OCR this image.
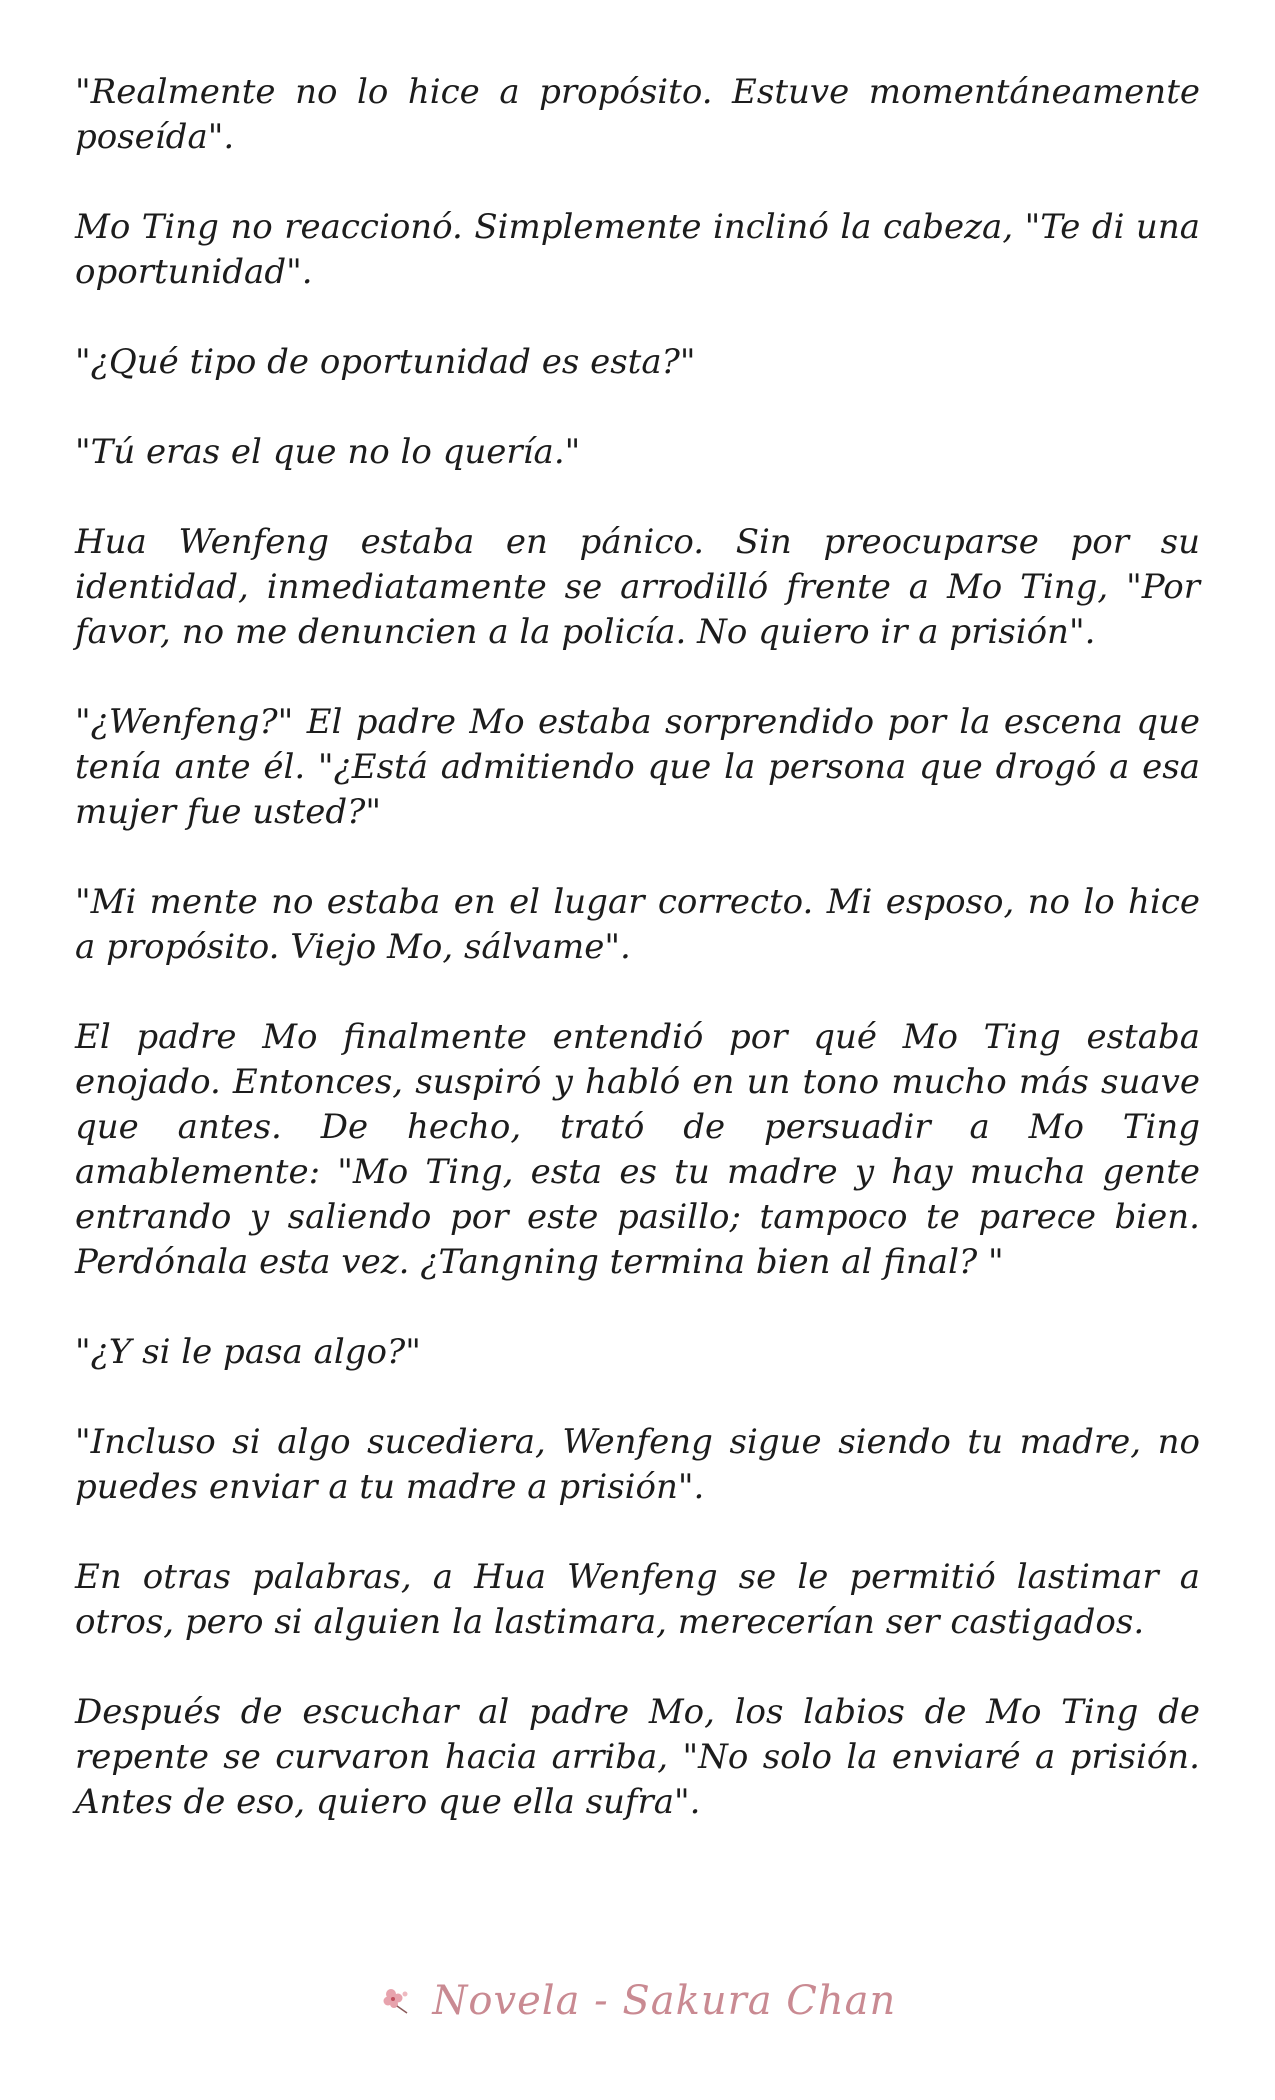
"Realmente no lo hice a propósito. Estuve momentáneamente poseída".

Mo Ting no reaccionó. Simplemente inclinó la cabeza, "Te di una oportunidad".

"¿Qué tipo de oportunidad es esta?"

"Tú eras el que no lo quería."

Hua Wenfeng estaba en pánico. Sin preocuparse por su identidad, inmediatamente se arrodilló frente a Mo Ting, "Por favor, no me denuncien a la policía. No quiero ir a prisión".

"¿Wenfeng?" El padre Mo estaba sorprendido por la escena que tenía ante él. "¿Está admitiendo que la persona que drogó a esa mujer fue usted?"

"Mi mente no estaba en el lugar correcto. Mi esposo, no lo hice a propósito. Viejo Mo, sálvame".

El padre Mo finalmente entendió por qué Mo Ting estaba enojado. Entonces, suspiró y habló en un tono mucho más suave que antes. De hecho, trató de persuadir a Mo Ting amablemente: "Mo Ting, esta es tu madre y hay mucha gente entrando y saliendo por este pasillo; tampoco te parece bien. Perdónala esta vez. ¿Tangning termina bien al final? "

"¿Y si le pasa algo?"

"Incluso si algo sucediera, Wenfeng sigue siendo tu madre, no puedes enviar a tu madre a prisión".

En otras palabras, a Hua Wenfeng se le permitió lastimar a otros, pero si alguien la lastimara, merecerían ser castigados.

Después de escuchar al padre Mo, los labios de Mo Ting de repente se curvaron hacia arriba, "No solo la enviaré a prisión. Antes de eso, quiero que ella sufra".

Novela - Sakura Chan
